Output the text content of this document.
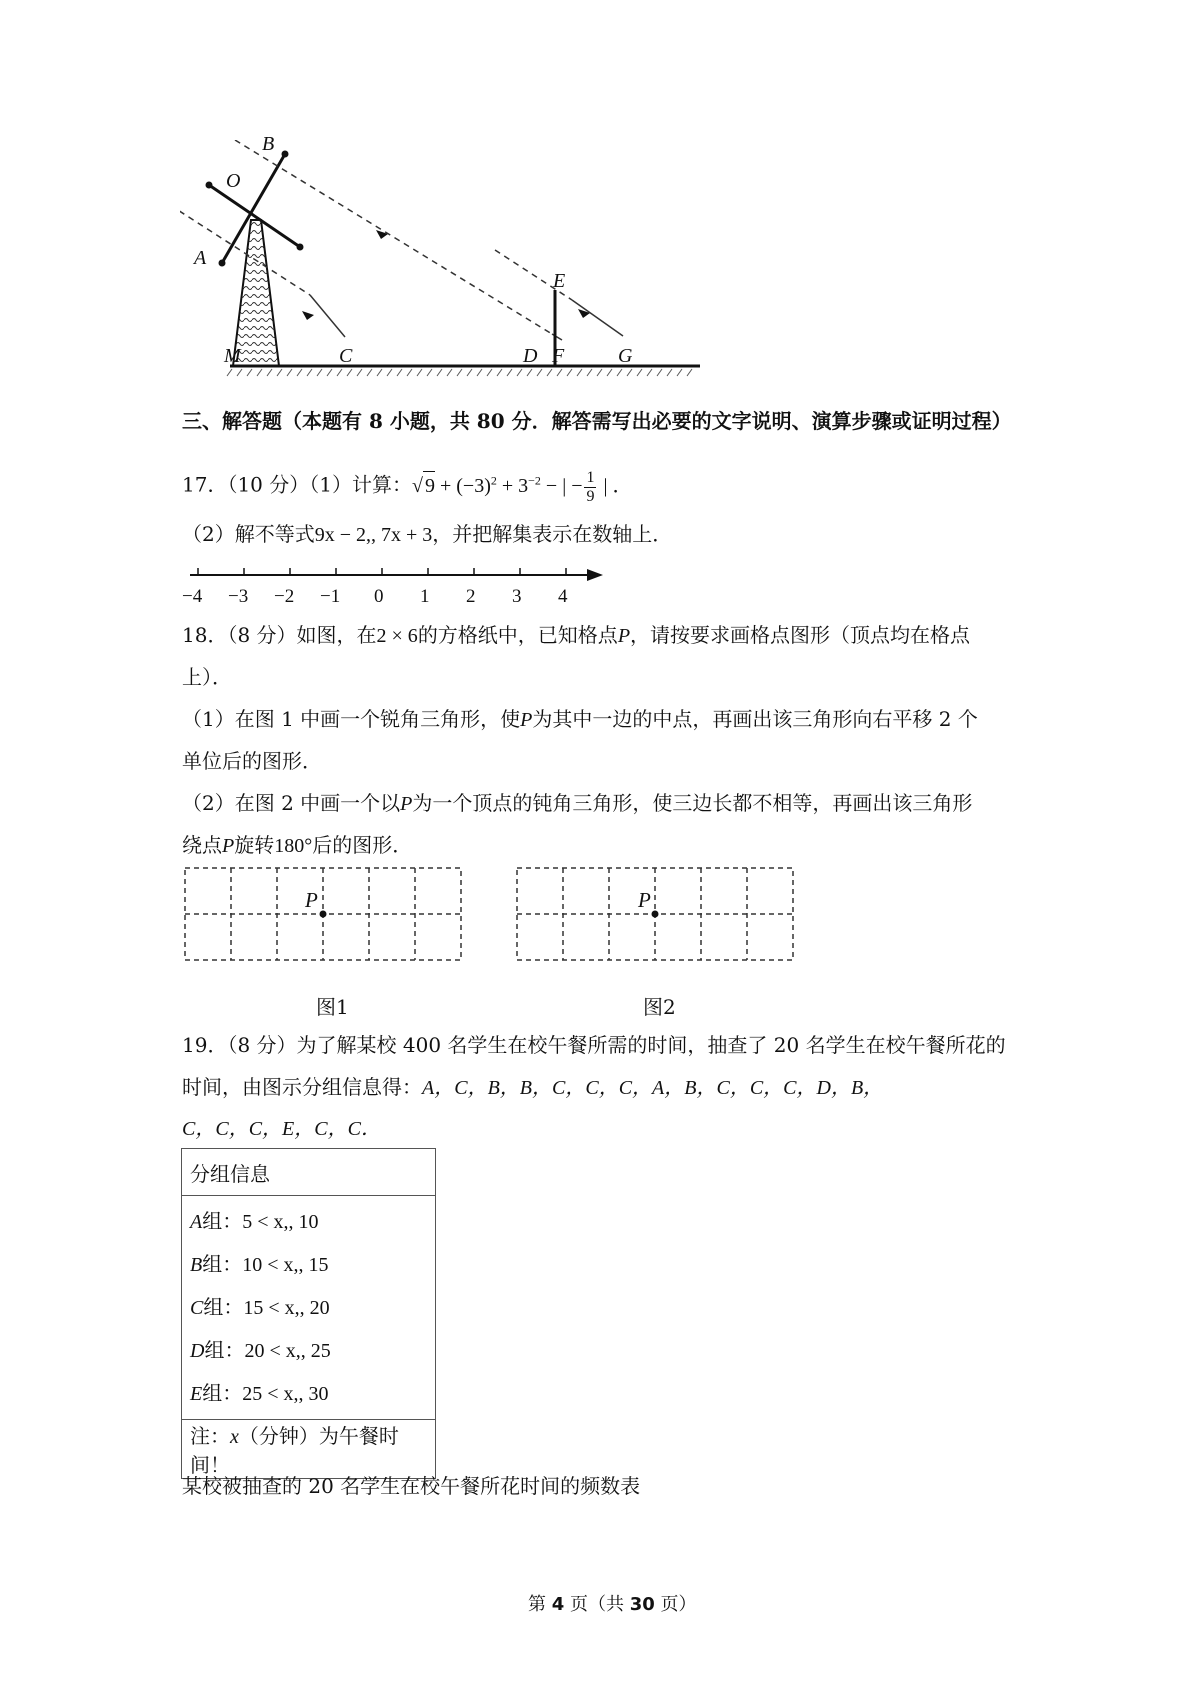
B
O
A
E
M	C	D F	G
三、解答题（本题有 8 小题，共 80 分．解答需写出必要的文字说明、演算步骤或证明过程）
17．（10 分）（1）计算：√ $9 + (-3)^2 + 3^{-2}$ − | − $\frac{1}{9}$ | ．
（2）解不等式9x − 2,, 7x + 3，并把解集表示在数轴上．
−4 −3 −2 −1 0 1 2 3 4
18．（8 分）如图，在2 × 6的方格纸中，已知格点P，请按要求画格点图形（顶点均在格点
上）．
（1）在图 1 中画一个锐角三角形，使P为其中一边的中点，再画出该三角形向右平移 2 个
单位后的图形．
（2）在图 2 中画一个以P为一个顶点的钝角三角形，使三边长都不相等，再画出该三角形
绕点P旋转180°后的图形．
P	P
图1	图2
19．（8 分）为了解某校 400 名学生在校午餐所需的时间，抽查了 20 名学生在校午餐所花的
时间，由图示分组信息得：A，C，B，B，C，C，C，A，B，C，C，C，D，B，
C，C，C，E，C，C．
分组信息

A组：5 < x,, 10
B组：10 < x,, 15
C组：15 < x,, 20
D组：20 < x,, 25
E组：25 < x,, 30

注：x（分钟）为午餐时间！
某校被抽查的 20 名学生在校午餐所花时间的频数表
第 4 页（共 30 页）
